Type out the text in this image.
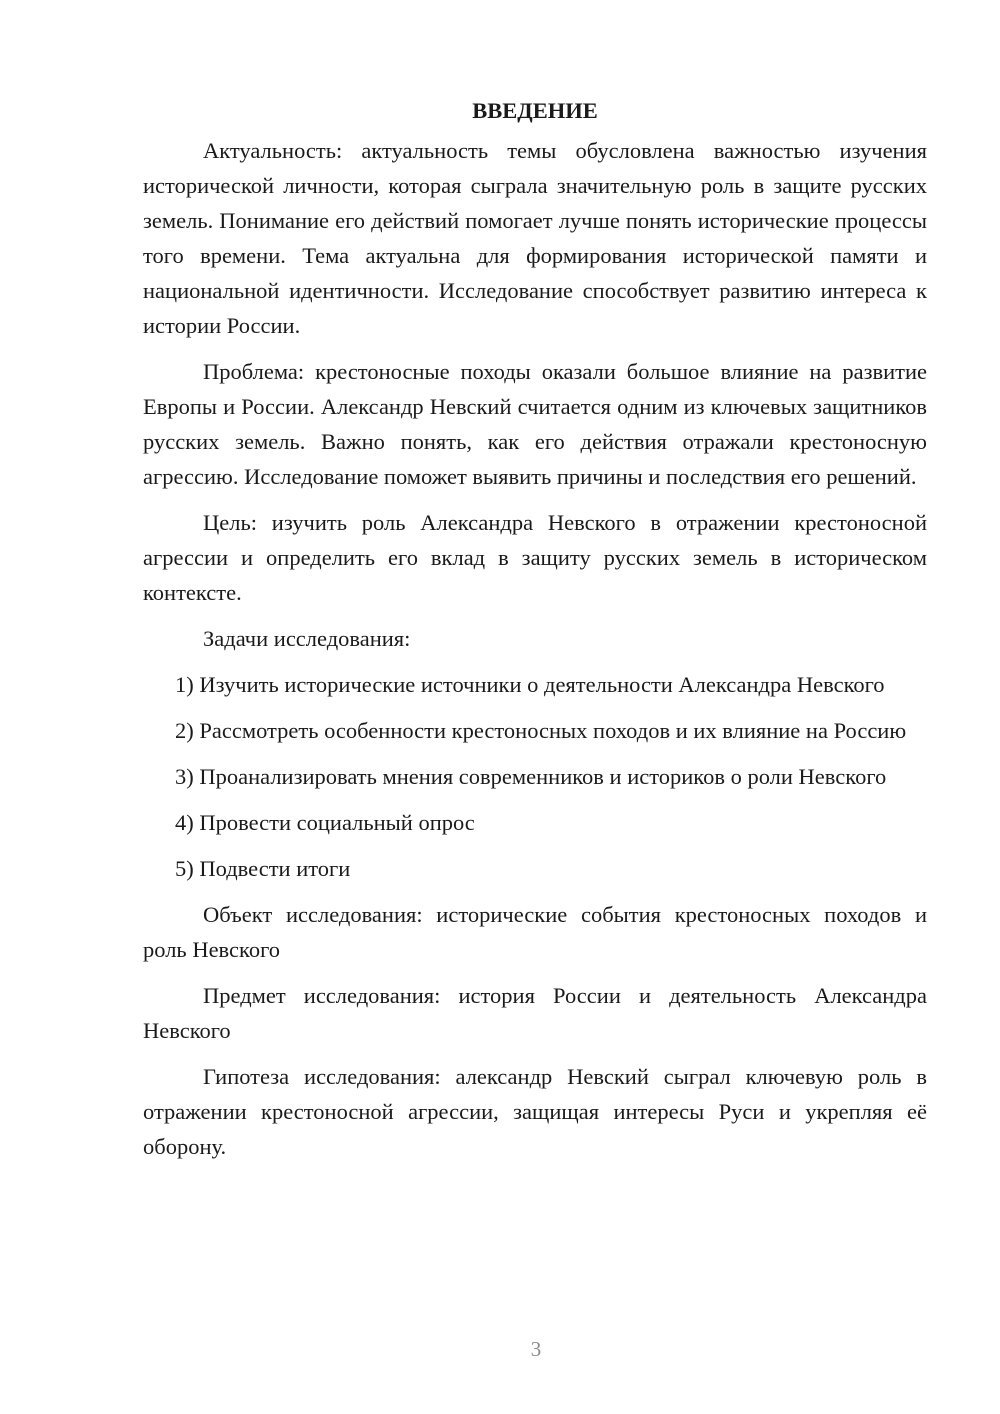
ВВЕДЕНИЕ

Актуальность: актуальность темы обусловлена важностью изучения исторической личности, которая сыграла значительную роль в защите русских земель. Понимание его действий помогает лучше понять исторические процессы того времени. Тема актуальна для формирования исторической памяти и национальной идентичности. Исследование способствует развитию интереса к истории России.

Проблема: крестоносные походы оказали большое влияние на развитие Европы и России. Александр Невский считается одним из ключевых защитников русских земель. Важно понять, как его действия отражали крестоносную агрессию. Исследование поможет выявить причины и последствия его решений.

Цель: изучить роль Александра Невского в отражении крестоносной агрессии и определить его вклад в защиту русских земель в историческом контексте.

Задачи исследования:

1) Изучить исторические источники о деятельности Александра Невского

2) Рассмотреть особенности крестоносных походов и их влияние на Россию

3) Проанализировать мнения современников и историков о роли Невского

4) Провести социальный опрос

5) Подвести итоги

Объект исследования: исторические события крестоносных походов и роль Невского

Предмет исследования: история России и деятельность Александра Невского

Гипотеза исследования: александр Невский сыграл ключевую роль в отражении крестоносной агрессии, защищая интересы Руси и укрепляя её оборону.

3
